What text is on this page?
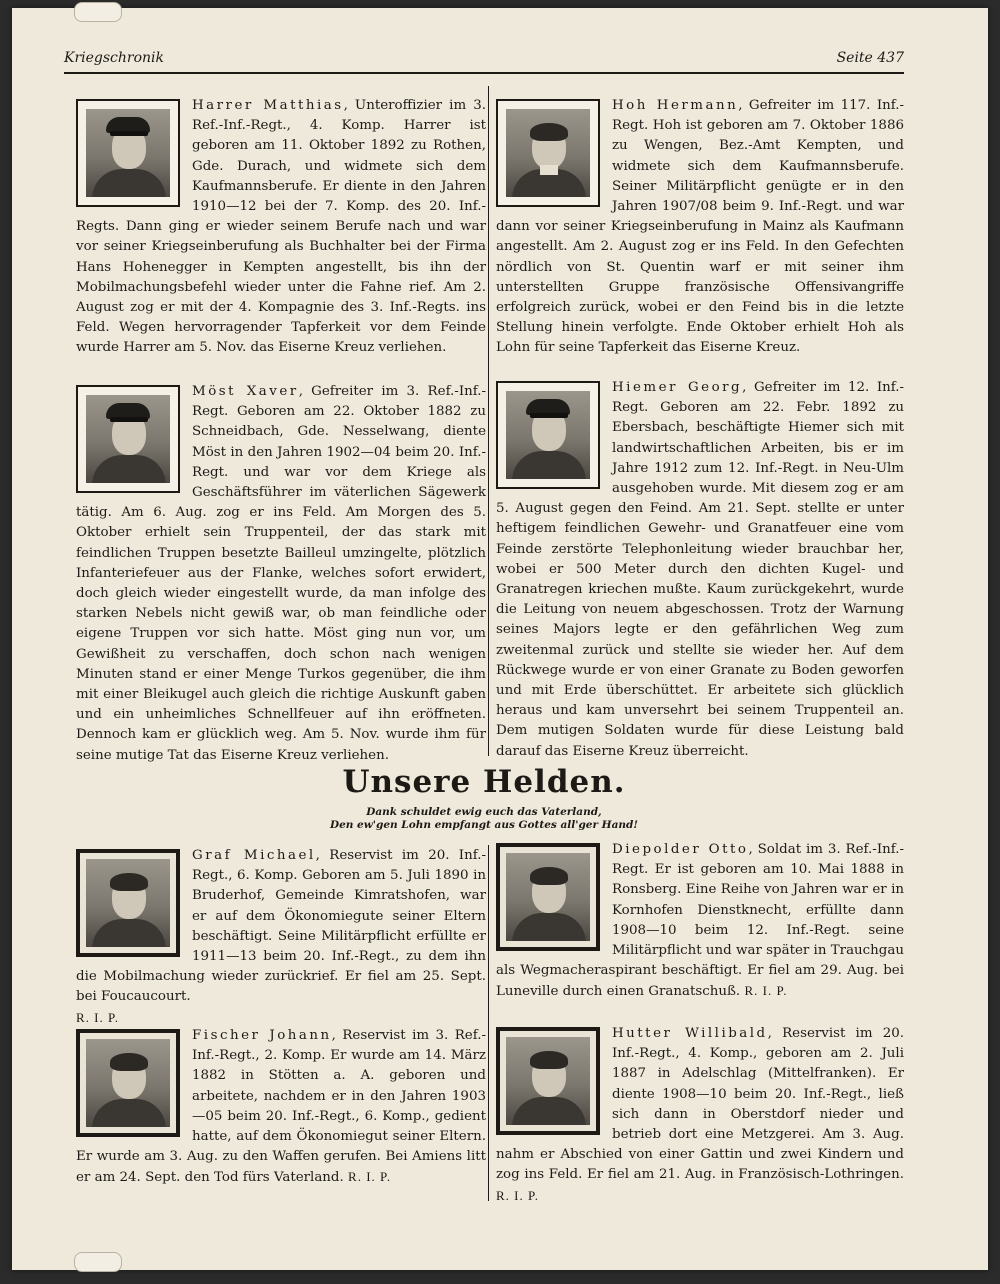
Kriegschronik	Seite 437

Harrer Matthias, Unteroffizier im 3. Ref.-Inf.-Regt., 4. Komp. Harrer ist geboren am 11. Oktober 1892 zu Rothen, Gde. Durach, und widmete sich dem Kaufmannsberufe. Er diente in den Jahren 1910—12 bei der 7. Komp. des 20. Inf.-Regts. Dann ging er wieder seinem Berufe nach und war vor seiner Kriegseinberufung als Buchhalter bei der Firma Hans Hohenegger in Kempten angestellt, bis ihn der Mobilmachungsbefehl wieder unter die Fahne rief. Am 2. August zog er mit der 4. Kompagnie des 3. Inf.-Regts. ins Feld. Wegen hervorragender Tapferkeit vor dem Feinde wurde Harrer am 5. Nov. das Eiserne Kreuz verliehen.

Möst Xaver, Gefreiter im 3. Ref.-Inf.-Regt. Geboren am 22. Oktober 1882 zu Schneidbach, Gde. Nesselwang, diente Möst in den Jahren 1902—04 beim 20. Inf.-Regt. und war vor dem Kriege als Geschäftsführer im väterlichen Sägewerk tätig. Am 6. Aug. zog er ins Feld. Am Morgen des 5. Oktober erhielt sein Truppenteil, der das stark mit feindlichen Truppen besetzte Bailleul umzingelte, plötzlich Infanteriefeuer aus der Flanke, welches sofort erwidert, doch gleich wieder eingestellt wurde, da man infolge des starken Nebels nicht gewiß war, ob man feindliche oder eigene Truppen vor sich hatte. Möst ging nun vor, um Gewißheit zu verschaffen, doch schon nach wenigen Minuten stand er einer Menge Turkos gegenüber, die ihm mit einer Bleikugel auch gleich die richtige Auskunft gaben und ein unheimliches Schnellfeuer auf ihn eröffneten. Dennoch kam er glücklich weg. Am 5. Nov. wurde ihm für seine mutige Tat das Eiserne Kreuz verliehen.

Hoh Hermann, Gefreiter im 117. Inf.-Regt. Hoh ist geboren am 7. Oktober 1886 zu Wengen, Bez.-Amt Kempten, und widmete sich dem Kaufmannsberufe. Seiner Militärpflicht genügte er in den Jahren 1907/08 beim 9. Inf.-Regt. und war dann vor seiner Kriegseinberufung in Mainz als Kaufmann angestellt. Am 2. August zog er ins Feld. In den Gefechten nördlich von St. Quentin warf er mit seiner ihm unterstellten Gruppe französische Offensivangriffe erfolgreich zurück, wobei er den Feind bis in die letzte Stellung hinein verfolgte. Ende Oktober erhielt Hoh als Lohn für seine Tapferkeit das Eiserne Kreuz.

Hiemer Georg, Gefreiter im 12. Inf.-Regt. Geboren am 22. Febr. 1892 zu Ebersbach, beschäftigte Hiemer sich mit landwirtschaftlichen Arbeiten, bis er im Jahre 1912 zum 12. Inf.-Regt. in Neu-Ulm ausgehoben wurde. Mit diesem zog er am 5. August gegen den Feind. Am 21. Sept. stellte er unter heftigem feindlichen Gewehr- und Granatfeuer eine vom Feinde zerstörte Telephonleitung wieder brauchbar her, wobei er 500 Meter durch den dichten Kugel- und Granatregen kriechen mußte. Kaum zurückgekehrt, wurde die Leitung von neuem abgeschossen. Trotz der Warnung seines Majors legte er den gefährlichen Weg zum zweitenmal zurück und stellte sie wieder her. Auf dem Rückwege wurde er von einer Granate zu Boden geworfen und mit Erde überschüttet. Er arbeitete sich glücklich heraus und kam unversehrt bei seinem Truppenteil an. Dem mutigen Soldaten wurde für diese Leistung bald darauf das Eiserne Kreuz überreicht.

Unsere Helden.
Dank schuldet ewig euch das Vaterland,
Den ew'gen Lohn empfangt aus Gottes all'ger Hand!

Graf Michael, Reservist im 20. Inf.-Regt., 6. Komp. Geboren am 5. Juli 1890 in Bruderhof, Gemeinde Kimratshofen, war er auf dem Ökonomiegute seiner Eltern beschäftigt. Seine Militärpflicht erfüllte er 1911—13 beim 20. Inf.-Regt., zu dem ihn die Mobilmachung wieder zurückrief. Er fiel am 25. Sept. bei Foucaucourt.
R. I. P.

Diepolder Otto, Soldat im 3. Ref.-Inf.-Regt. Er ist geboren am 10. Mai 1888 in Ronsberg. Eine Reihe von Jahren war er in Kornhofen Dienstknecht, erfüllte dann 1908—10 beim 12. Inf.-Regt. seine Militärpflicht und war später in Trauchgau als Wegmacheraspirant beschäftigt. Er fiel am 29. Aug. bei Luneville durch einen Granatschuß. R. I. P.

Fischer Johann, Reservist im 3. Ref.-Inf.-Regt., 2. Komp. Er wurde am 14. März 1882 in Stötten a. A. geboren und arbeitete, nachdem er in den Jahren 1903—05 beim 20. Inf.-Regt., 6. Komp., gedient hatte, auf dem Ökonomiegut seiner Eltern. Er wurde am 3. Aug. zu den Waffen gerufen. Bei Amiens litt er am 24. Sept. den Tod fürs Vaterland. R. I. P.

Hutter Willibald, Reservist im 20. Inf.-Regt., 4. Komp., geboren am 2. Juli 1887 in Adelschlag (Mittelfranken). Er diente 1908—10 beim 20. Inf.-Regt., ließ sich dann in Oberstdorf nieder und betrieb dort eine Metzgerei. Am 3. Aug. nahm er Abschied von einer Gattin und zwei Kindern und zog ins Feld. Er fiel am 21. Aug. in Französisch-Lothringen. R. I. P.
